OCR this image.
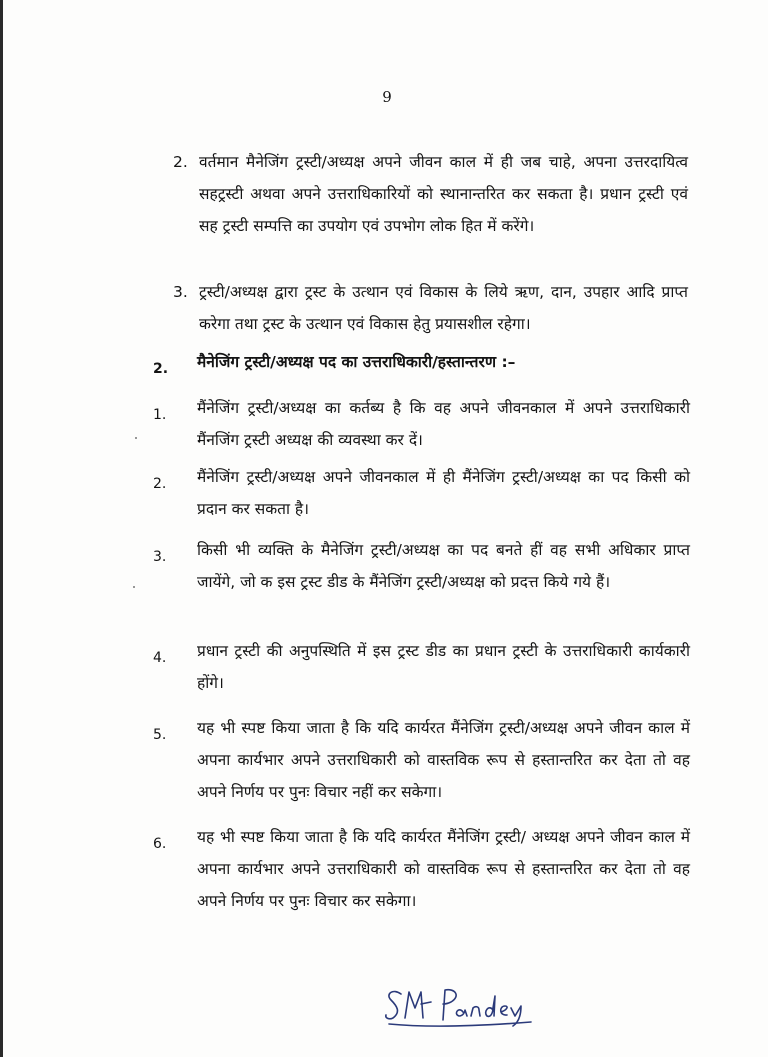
9
2. वर्तमान मैनेजिंग ट्रस्टी/अध्यक्ष अपने जीवन काल में ही जब चाहे, अपना उत्तरदायित्व सहट्रस्टी अथवा अपने उत्तराधिकारियों को स्थानान्तरित कर सकता है। प्रधान ट्रस्टी एवं सह ट्रस्टी सम्पत्ति का उपयोग एवं उपभोग लोक हित में करेंगे।
3. ट्रस्टी/अध्यक्ष द्वारा ट्रस्ट के उत्थान एवं विकास के लिये ऋण, दान, उपहार आदि प्राप्त करेगा तथा ट्रस्ट के उत्थान एवं विकास हेतु प्रयासशील रहेगा।
2. मैनेजिंग ट्रस्टी/अध्यक्ष पद का उत्तराधिकारी/हस्तान्तरण :–
1. मैंनेजिंग ट्रस्टी/अध्यक्ष का कर्तब्य है कि वह अपने जीवनकाल में अपने उत्तराधिकारी मैंनजिंग ट्रस्टी अध्यक्ष की व्यवस्था कर दें।
2. मैंनेजिंग ट्रस्टी/अध्यक्ष अपने जीवनकाल में ही मैंनेजिंग ट्रस्टी/अध्यक्ष का पद किसी को प्रदान कर सकता है।
3. किसी भी व्यक्ति के मैनेजिंग ट्रस्टी/अध्यक्ष का पद बनते हीं वह सभी अधिकार प्राप्त जायेंगे, जो क इस ट्रस्ट डीड के मैंनेजिंग ट्रस्टी/अध्यक्ष को प्रदत्त किये गये हैं।
4. प्रधान ट्रस्टी की अनुपस्थिति में इस ट्रस्ट डीड का प्रधान ट्रस्टी के उत्तराधिकारी कार्यकारी होंगे।
5. यह भी स्पष्ट किया जाता है कि यदि कार्यरत मैंनेजिंग ट्रस्टी/अध्यक्ष अपने जीवन काल में अपना कार्यभार अपने उत्तराधिकारी को वास्तविक रूप से हस्तान्तरित कर देता तो वह अपने निर्णय पर पुनः विचार नहीं कर सकेगा।
6. यह भी स्पष्ट किया जाता है कि यदि कार्यरत मैंनेजिंग ट्रस्टी/ अध्यक्ष अपने जीवन काल में अपना कार्यभार अपने उत्तराधिकारी को वास्तविक रूप से हस्तान्तरित कर देता तो वह अपने निर्णय पर पुनः विचार कर सकेगा।
